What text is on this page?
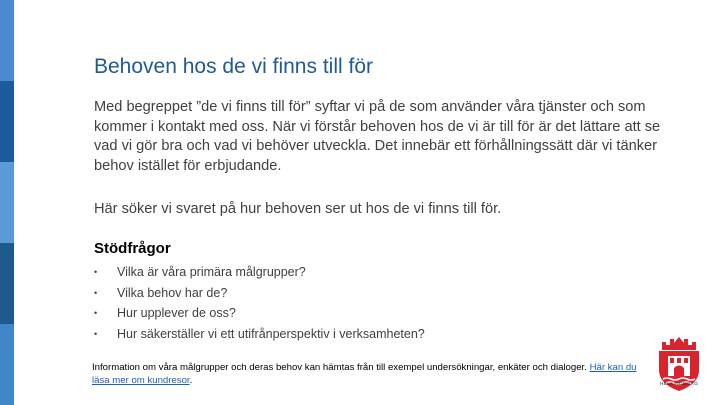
Behoven hos de vi finns till för

Med begreppet ”de vi finns till för” syftar vi på de som använder våra tjänster och som kommer i kontakt med oss. När vi förstår behoven hos de vi är till för är det lättare att se vad vi gör bra och vad vi behöver utveckla. Det innebär ett förhållningssätt där vi tänker behov istället för erbjudande.

Här söker vi svaret på hur behoven ser ut hos de vi finns till för.

Stödfrågor
• Vilka är våra primära målgrupper?
• Vilka behov har de?
• Hur upplever de oss?
• Hur säkerställer vi ett utifrånperspektiv i verksamheten?

Information om våra målgrupper och deras behov kan hämtas från till exempel undersökningar, enkäter och dialoger. Här kan du läsa mer om kundresor.	HELSINGBORG
